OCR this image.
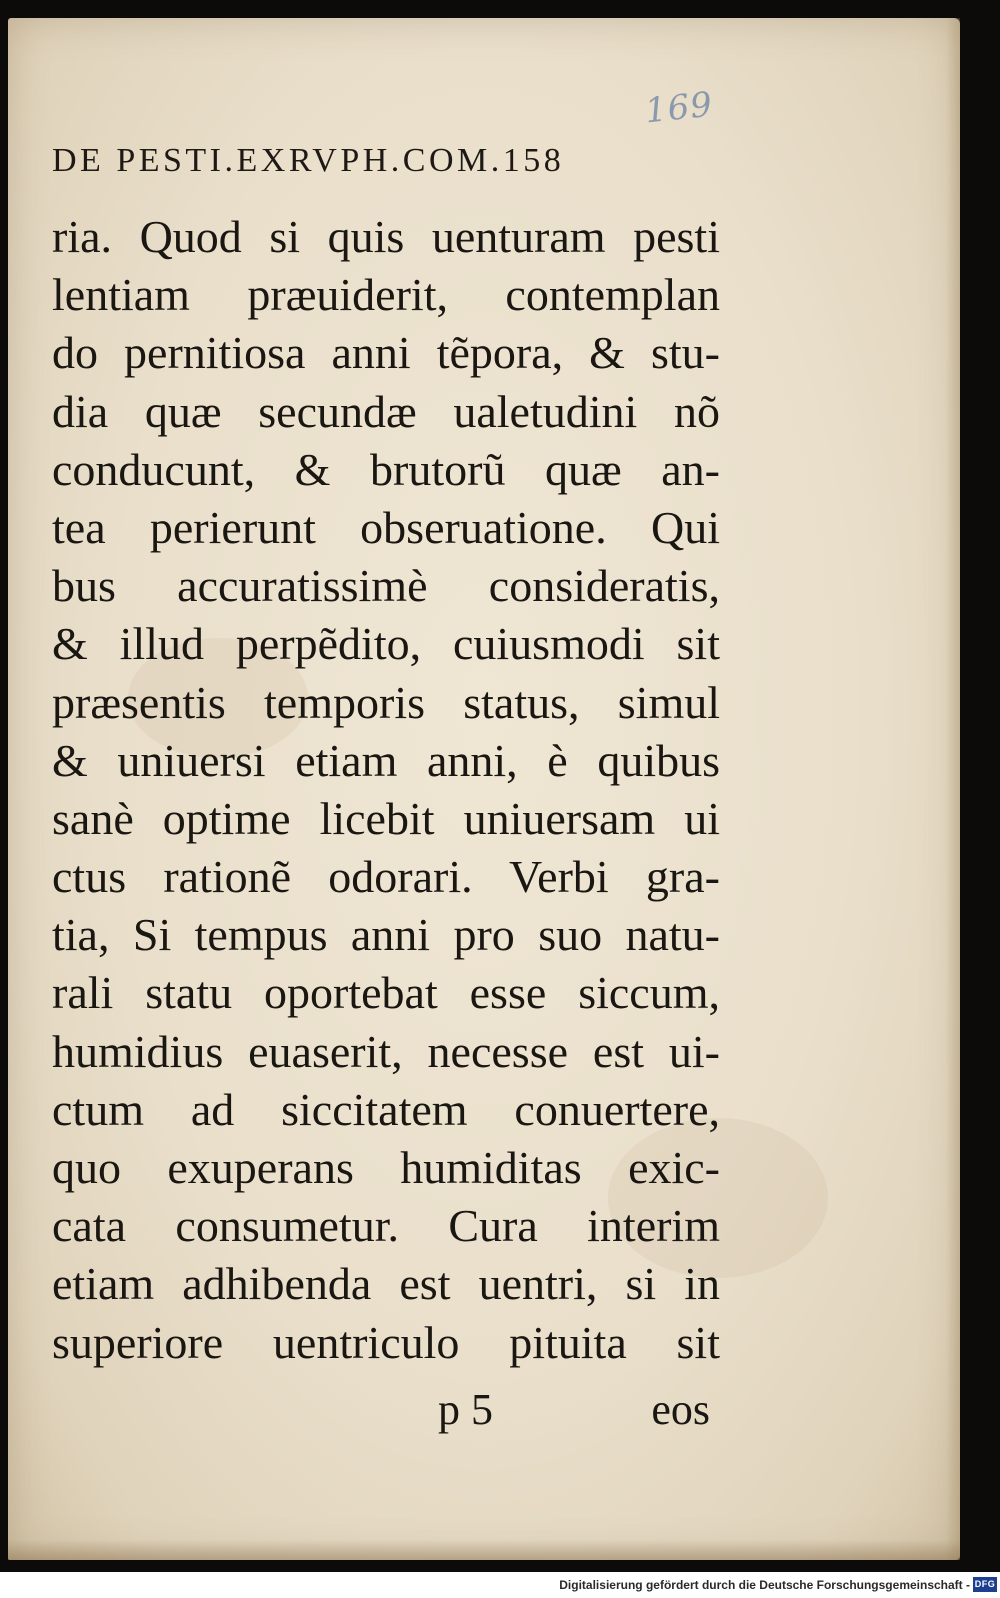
169
DE PESTI.EXRVPH.COM.158
ria. Quod si quis uenturam pesti
lentiam præuiderit, contemplan
do pernitiosa anni tẽpora, & stu-
dia quæ secundæ ualetudini nõ
conducunt, & brutorũ quæ an-
tea perierunt obseruatione. Qui
bus accuratissimè consideratis,
& illud perpẽdito, cuiusmodi sit
præsentis temporis status, simul
& uniuersi etiam anni, è quibus
sanè optime licebit uniuersam ui
ctus rationẽ odorari. Verbi gra-
tia, Si tempus anni pro suo natu-
rali statu oportebat esse siccum,
humidius euaserit, necesse est ui-
ctum ad siccitatem conuertere,
quo exuperans humiditas exic-
cata consumetur. Cura interim
etiam adhibenda est uentri, si in
superiore uentriculo pituita sit
p 5	eos
Digitalisierung gefördert durch die Deutsche Forschungsgemeinschaft - DFG
